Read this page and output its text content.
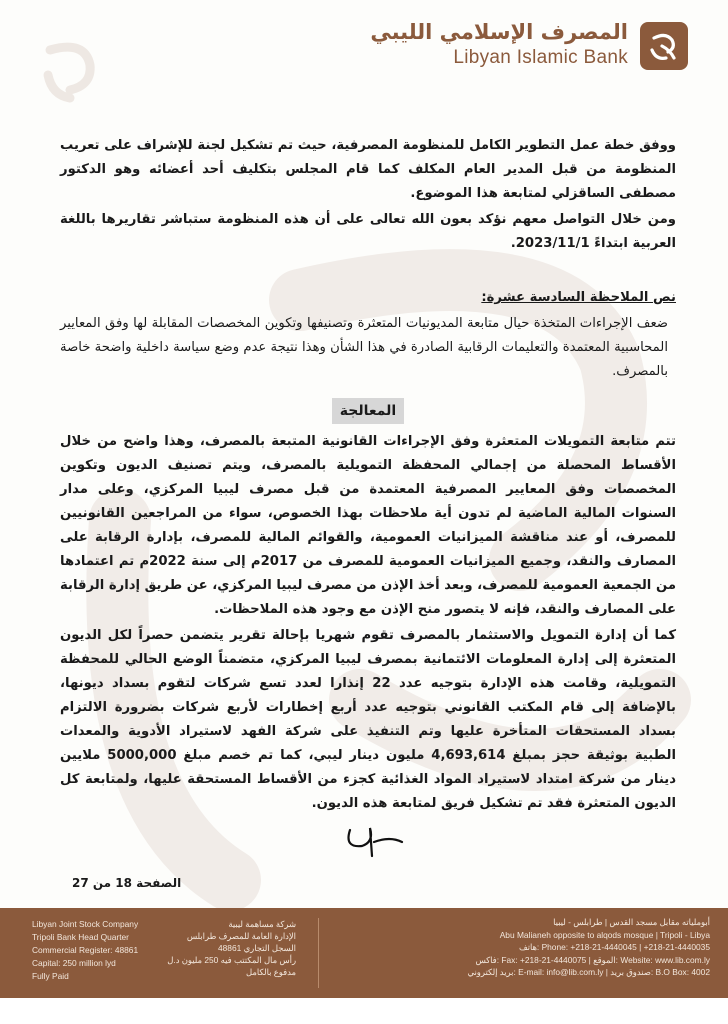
المصرف الإسلامي الليبي
Libyan Islamic Bank

ووفق خطة عمل التطوير الكامل للمنظومة المصرفية، حيث تم تشكيل لجنة للإشراف على تعريب المنظومة من قبل المدير العام المكلف كما قام المجلس بتكليف أحد أعضائه وهو الدكتور مصطفى الساقزلي لمتابعة هذا الموضوع.

ومن خلال التواصل معهم نؤكد بعون الله تعالى على أن هذه المنظومة ستباشر تقاريرها باللغة العربية ابتداءً 2023/11/1.

نص الملاحظة السادسة عشرة:

ضعف الإجراءات المتخذة حيال متابعة المديونيات المتعثرة وتصنيفها وتكوين المخصصات المقابلة لها وفق المعايير المحاسبية المعتمدة والتعليمات الرقابية الصادرة في هذا الشأن وهذا نتيجة عدم وضع سياسة داخلية واضحة خاصة بالمصرف.

المعالجة

تتم متابعة التمويلات المتعثرة وفق الإجراءات القانونية المتبعة بالمصرف، وهذا واضح من خلال الأقساط المحصلة من إجمالي المحفظة التمويلية بالمصرف، ويتم تصنيف الديون وتكوين المخصصات وفق المعايير المصرفية المعتمدة من قبل مصرف ليبيا المركزي، وعلى مدار السنوات المالية الماضية لم تدون أية ملاحظات بهذا الخصوص، سواء من المراجعين القانونيين للمصرف، أو عند مناقشة الميزانيات العمومية، والقوائم المالية للمصرف، بإدارة الرقابة على المصارف والنقد، وجميع الميزانيات العمومية للمصرف من 2017م إلى سنة 2022م تم اعتمادها من الجمعية العمومية للمصرف، وبعد أخذ الإذن من مصرف ليبيا المركزي، عن طريق إدارة الرقابة على المصارف والنقد، فإنه لا يتصور منح الإذن مع وجود هذه الملاحظات.

كما أن إدارة التمويل والاستثمار بالمصرف تقوم شهريا بإحالة تقرير يتضمن حصراً لكل الديون المتعثرة إلى إدارة المعلومات الائتمانية بمصرف ليبيا المركزي، متضمناً الوضع الحالي للمحفظة التمويلية، وقامت هذه الإدارة بتوجيه عدد 22 إنذارا لعدد تسع شركات لتقوم بسداد ديونها، بالإضافة إلى قام المكتب القانوني بتوجيه عدد أربع إخطارات لأربع شركات بضرورة الالتزام بسداد المستحقات المتأخرة عليها وتم التنفيذ على شركة الفهد لاستيراد الأدوية والمعدات الطبية بوثيقة حجز بمبلغ 4,693,614 مليون دينار ليبي، كما تم خصم مبلغ 5000,000 ملايين دينار من شركة امتداد لاستيراد المواد الغذائية كجزء من الأقساط المستحقة عليها، ولمتابعة كل الديون المتعثرة فقد تم تشكيل فريق لمتابعة هذه الديون.

الصفحة 18 من 27
Libyan Joint Stock Company
Tripoli Bank Head Quarter
Commercial Register: 48861
Capital: 250 million lyd
Fully Paid
شركة مساهمة ليبية
الإدارة العامة للمصرف طرابلس
السجل التجاري 48861
رأس مال المكتتب فيه 250 مليون د.ل
مدفوع بالكامل
أبوملياته مقابل مسجد القدس | طرابلس - ليبيا
Abu Malianeh opposite to alqods mosque | Tripoli - Libya
Phone: +218-21-4440045 | +218-21-4440035 :هاتف
Website: www.lib.com.ly :الموقع | Fax: +218-21-4440075 :فاكس
B.O Box: 4002 :صندوق بريد | E-mail: info@lib.com.ly :بريد إلكتروني
